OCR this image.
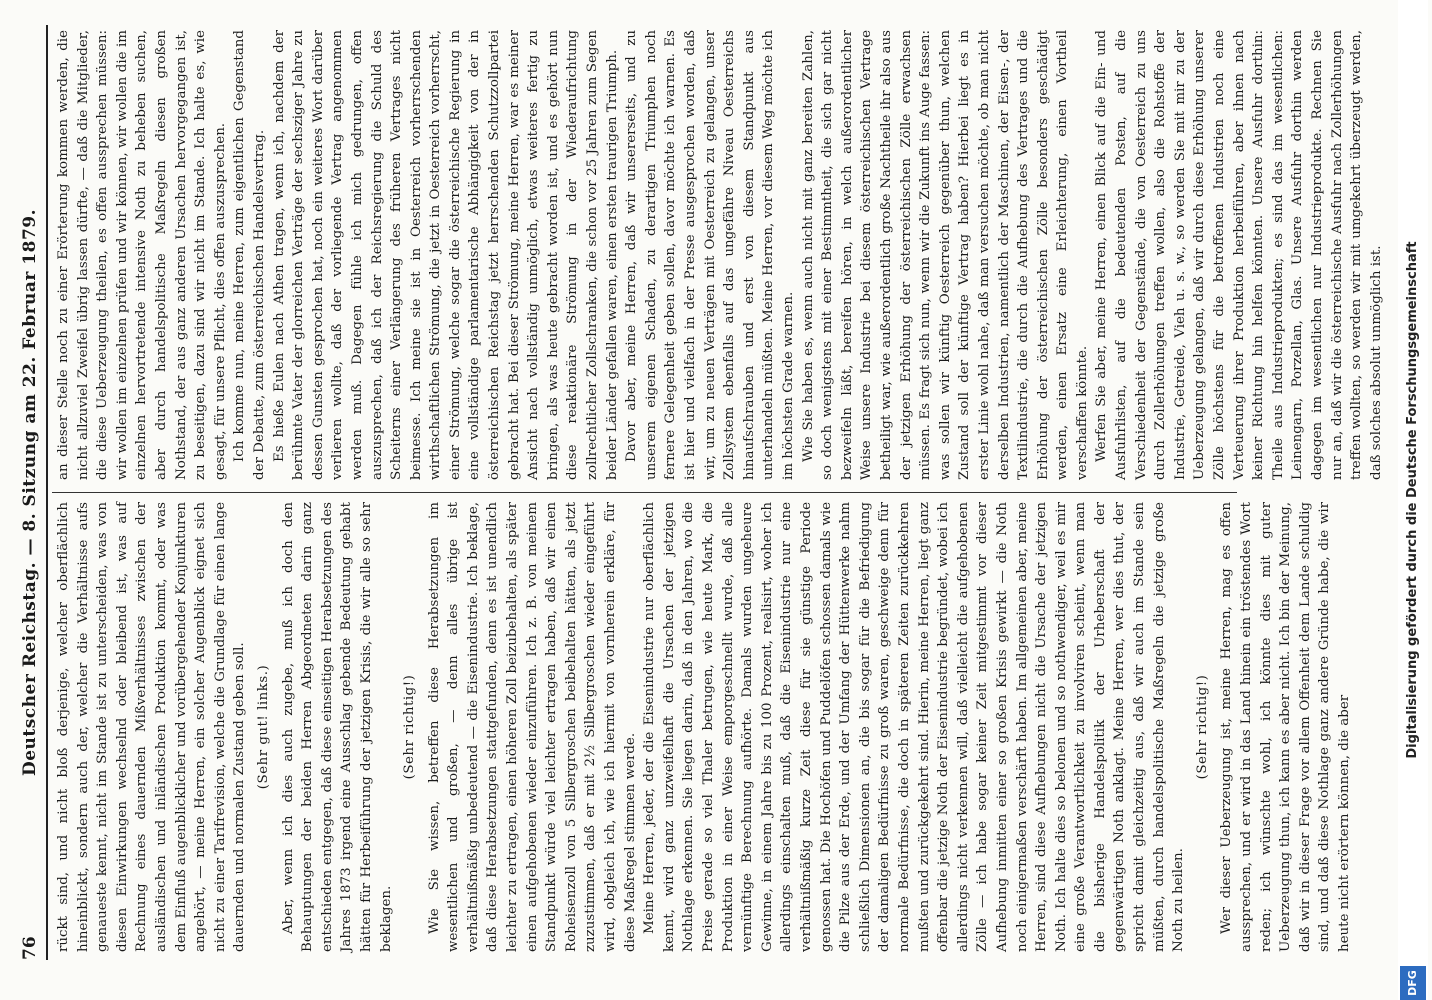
76
Deutscher Reichstag. — 8. Sitzung am 22. Februar 1879. rückt sind, und nicht bloß derjenige, welcher oberflächlich hineinblickt, sondern auch der, welcher die Verhältnisse aufs genaueste kennt, nicht im Stande ist zu unterscheiden, was von diesen Einwirkungen wechselnd oder bleibend ist, was auf Rechnung eines dauernden Mißverhältnisses zwischen der ausländischen und inländischen Produktion kommt, oder was dem Einfluß augenblicklicher und vorübergehender Konjunkturen angehört, — meine Herren, ein solcher Augenblick eignet sich nicht zu einer Tarifrevision, welche die Grundlage für einen lange dauernden und normalen Zustand geben soll. (Sehr gut! links.) Aber, wenn ich dies auch zugebe, muß ich doch den Behauptungen der beiden Herren Abgeordneten darin ganz entschieden entgegen, daß diese einseitigen Herabsetzungen des Jahres 1873 irgend eine Ausschlag gebende Bedeutung gehabt hätten für Herbeiführung der jetzigen Krisis, die wir alle so sehr beklagen.

(Sehr richtig!) Wie Sie wissen, betreffen diese Herabsetzungen im wesentlichen und großen, — denn alles übrige ist verhältnißmäßig unbedeutend — die Eisenindustrie. Ich beklage, daß diese Herabsetzungen stattgefunden, denn es ist unendlich leichter zu ertragen, einen höheren Zoll beizubehalten, als später einen aufgehobenen wieder einzuführen. Ich z. B. von meinem Standpunkt würde viel leichter ertragen haben, daß wir einen Roheisenzoll von 5 Silbergroschen beibehalten hätten, als jetzt zuzustimmen, daß er mit 2½ Silbergroschen wieder eingeführt wird, obgleich ich, wie ich hiermit von vornherein erkläre, für diese Maßregel stimmen werde. Meine Herren, jeder, der die Eisenindustrie nur oberflächlich kennt, wird ganz unzweifelhaft die Ursachen der jetzigen Nothlage erkennen. Sie liegen darin, daß in den Jahren, wo die Preise gerade so viel Thaler betrugen, wie heute Mark, die Produktion in einer Weise emporgeschnellt wurde, daß alle vernünftige Berechnung aufhörte. Damals wurden ungeheure Gewinne, in einem Jahre bis zu 100 Prozent, realisirt, woher ich allerdings einschalten muß, daß die Eisenindustrie nur eine verhältnißmäßig kurze Zeit diese für sie günstige Periode genossen hat. Die Hochöfen und Puddelöfen schossen damals wie die Pilze aus der Erde, und der Umfang der Hüttenwerke nahm schließlich Dimensionen an, die bis sogar für die Befriedigung der damaligen Bedürfnisse zu groß waren, geschweige denn für normale Bedürfnisse, die doch in späteren Zeiten zurückkehren mußten und zurückgekehrt sind. Hierin, meine Herren, liegt ganz offenbar die jetzige Noth der Eisenindustrie begründet, wobei ich allerdings nicht verkennen will, daß vielleicht die aufgehobenen Zölle — ich habe sogar keiner Zeit mitgestimmt vor dieser Aufhebung inmitten einer so großen Krisis gewirkt — die Noth noch einigermaßen verschärft haben. Im allgemeinen aber, meine Herren, sind diese Aufhebungen nicht die Ursache der jetzigen Noth. Ich halte dies so belonen und so nothwendiger, weil es mir eine große Verantwortlichkeit zu involviren scheint, wenn man die bisherige Handelspolitik der Urheberschaft der gegenwärtigen Noth anklagt. Meine Herren, wer dies thut, der spricht damit gleichzeitig aus, daß wir auch im Stande sein müßten, durch handelspolitische Maßregeln die jetzige große Noth zu heilen.

(Sehr richtig!) Wer dieser Ueberzeugung ist, meine Herren, mag es offen aussprechen, und er wird in das Land hinein ein tröstendes Wort reden; ich wünschte wohl, ich könnte dies mit guter Ueberzeugung thun, ich kann es aber nicht. Ich bin der Meinung, daß wir in dieser Frage vor allem Offenheit dem Lande schuldig sind, und daß diese Nothlage ganz andere Gründe habe, die wir heute nicht erörtern können, die aber

an dieser Stelle noch zu einer Erörterung kommen werden, die nicht allzuviel Zweifel übrig lassen dürfte, — daß die Mitglieder, die diese Ueberzeugung theilen, es offen aussprechen müssen: wir wollen im einzelnen prüfen und wir können, wir wollen die im einzelnen hervortretende intensive Noth zu beheben suchen, aber durch handelspolitische Maßregeln diesen großen Nothstand, der aus ganz anderen Ursachen hervorgegangen ist, zu beseitigen, dazu sind wir nicht im Stande. Ich halte es, wie gesagt, für unsere Pflicht, dies offen auszusprechen. Ich komme nun, meine Herren, zum eigentlichen Gegenstand der Debatte, zum österreichischen Handelsvertrag. Es hieße Eulen nach Athen tragen, wenn ich, nachdem der berühmte Vater der glorreichen Verträge der sechsziger Jahre zu dessen Gunsten gesprochen hat, noch ein weiteres Wort darüber verlieren wollte, daß der vorliegende Vertrag angenommen werden muß. Dagegen fühle ich mich gedrungen, offen auszusprechen, daß ich der Reichsregierung die Schuld des Scheiterns einer Verlängerung des früheren Vertrages nicht beimesse. Ich meine sie ist in Oesterreich vorherrschenden wirthschaftlichen Strömung, die jetzt in Oesterreich vorherrscht, einer Strömung, welche sogar die österreichische Regierung in eine vollständige parlamentarische Abhängigkeit von der in österreichischen Reichstag jetzt herrschenden Schutzzollpartei gebracht hat. Bei dieser Strömung, meine Herren, war es meiner Ansicht nach vollständig unmöglich, etwas weiteres fertig zu bringen, als was heute gebracht worden ist, und es gehört nun diese reaktionäre Strömung in der Wiederaufrichtung zollrechtlicher Zollschranken, die schon vor 25 Jahren zum Segen beider Länder gefallen waren, einen ersten traurigen Triumph. Davor aber, meine Herren, daß wir unsererseits, und zu unserem eigenen Schaden, zu derartigen Triumphen noch fernere Gelegenheit geben sollen, davor möchte ich warnen. Es ist hier und vielfach in der Presse ausgesprochen worden, daß wir, um zu neuen Verträgen mit Oesterreich zu gelangen, unser Zollsystem ebenfalls auf das ungefähre Niveau Oesterreichs hinaufschrauben und erst von diesem Standpunkt aus unterhandeln müßten. Meine Herren, vor diesem Weg möchte ich im höchsten Grade warnen. Wie Sie haben es, wenn auch nicht mit ganz bereiten Zahlen, so doch wenigstens mit einer Bestimmtheit, die sich gar nicht bezweifeln läßt, bereifen hören, in welch außerordentlicher Weise unsere Industrie bei diesem österreichischen Vertrage betheiligt war, wie außerordentlich große Nachtheile ihr also aus der jetzigen Erhöhung der österreichischen Zölle erwachsen müssen. Es fragt sich nun, wenn wir die Zukunft ins Auge fassen: was sollen wir künftig Oesterreich gegenüber thun, welchen Zustand soll der künftige Vertrag haben? Hierbei liegt es in erster Linie wohl nahe, daß man versuchen möchte, ob man nicht derselben Industrien, namentlich der Maschinen, der Eisen-, der Textilindustrie, die durch die Aufhebung des Vertrages und die Erhöhung der österreichischen Zölle besonders geschädigt werden, einen Ersatz eine Erleichterung, einen Vortheil verschaffen könnte. Werfen Sie aber, meine Herren, einen Blick auf die Ein- und Ausfuhrlisten, auf die bedeutenden Posten, auf die Verschiedenheit der Gegenstände, die von Oesterreich zu uns durch Zollerhöhungen treffen wollen, also die Rohstoffe der Industrie, Getreide, Vieh u. s. w., so werden Sie mit mir zu der Ueberzeugung gelangen, daß wir durch diese Erhöhung unserer Zölle höchstens für die betroffenen Industrien noch eine Verteuerung ihrer Produktion herbeiführen, aber ihnen nach keiner Richtung hin helfen könnten. Unsere Ausfuhr dorthin: Theile aus Industrieprodukten; es sind das im wesentlichen: Leinengarn, Porzellan, Glas. Unsere Ausfuhr dorthin werden dagegen im wesentlichen nur Industrieprodukte. Rechnen Sie nur an, daß wir die österreichische Ausfuhr nach Zollerhöhungen treffen wollten, so werden wir mit umgekehrt überzeugt werden, daß solches absolut unmöglich ist.	Digitalisierung gefördert durch die Deutsche Forschungsgemeinschaft
DFG
